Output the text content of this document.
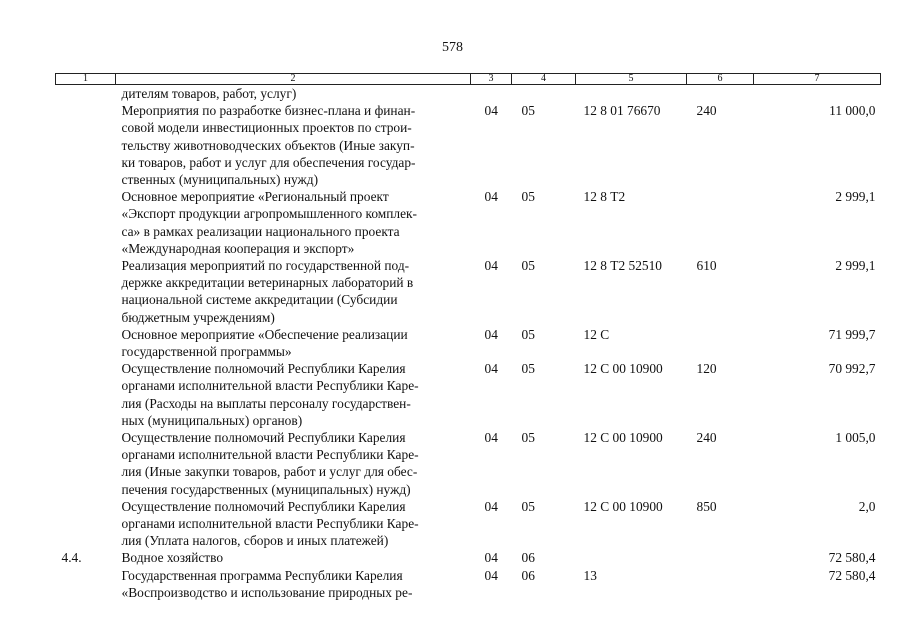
578
1	2	3	4	5	6	7

	дителям товаров, работ, услуг)					

	Мероприятия по разработке бизнес-плана и финан-
совой модели инвестиционных проектов по строи-
тельству животноводческих объектов (Иные закуп-
ки товаров, работ и услуг для обеспечения государ-
ственных (муниципальных) нужд)	04	05	12 8 01 76670	240	11 000,0

	Основное мероприятие «Региональный проект
«Экспорт продукции агропромышленного комплек-
са» в рамках реализации национального проекта
«Международная кооперация и экспорт»	04	05	12 8 Т2		2 999,1

	Реализация мероприятий по государственной под-
держке аккредитации ветеринарных лабораторий в
национальной системе аккредитации (Субсидии
бюджетным учреждениям)	04	05	12 8 Т2 52510	610	2 999,1

	Основное мероприятие «Обеспечение реализации
государственной программы»	04	05	12 С		71 999,7

	Осуществление полномочий Республики Карелия
органами исполнительной власти Республики Каре-
лия (Расходы на выплаты персоналу государствен-
ных (муниципальных) органов)	04	05	12 С 00 10900	120	70 992,7

	Осуществление полномочий Республики Карелия
органами исполнительной власти Республики Каре-
лия (Иные закупки товаров, работ и услуг для обес-
печения государственных (муниципальных) нужд)	04	05	12 С 00 10900	240	1 005,0

	Осуществление полномочий Республики Карелия
органами исполнительной власти Республики Каре-
лия (Уплата налогов, сборов и иных платежей)	04	05	12 С 00 10900	850	2,0
4.4.	Водное хозяйство	04	06			72 580,4

	Государственная программа Республики Карелия
«Воспроизводство и использование природных ре-	04	06	13		72 580,4
